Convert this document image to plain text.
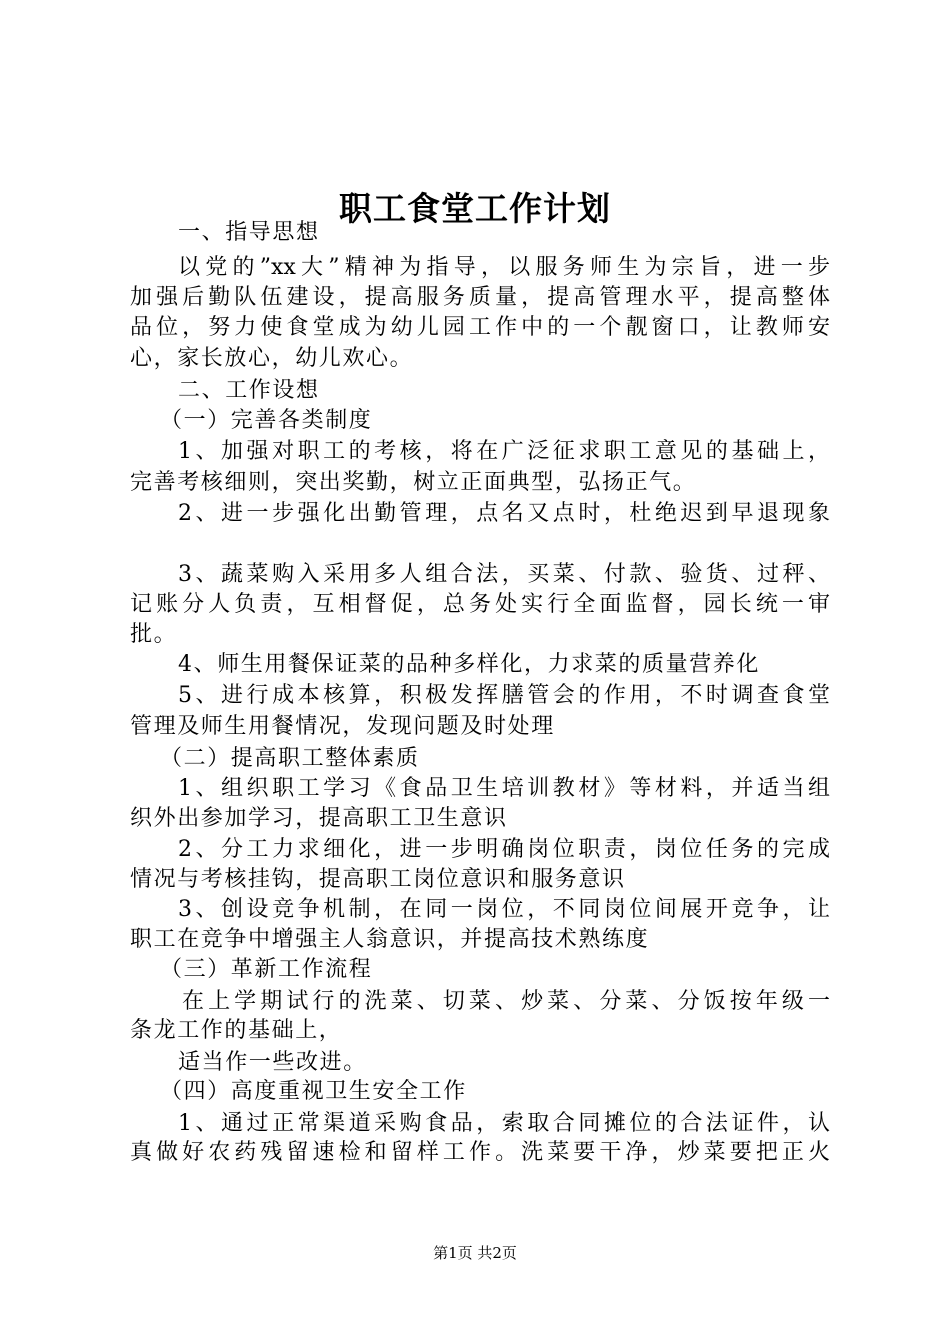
职工食堂工作计划
一、指导思想
以党的”xx大”精神为指导，以服务师生为宗旨，进一步
加强后勤队伍建设，提高服务质量，提高管理水平，提高整体
品位，努力使食堂成为幼儿园工作中的一个靓窗口，让教师安
心，家长放心，幼儿欢心。
二、工作设想
（一）完善各类制度
1、加强对职工的考核，将在广泛征求职工意见的基础上，
完善考核细则，突出奖勤，树立正面典型，弘扬正气。
2、进一步强化出勤管理，点名又点时，杜绝迟到早退现象
3、蔬菜购入采用多人组合法，买菜、付款、验货、过秤、
记账分人负责，互相督促，总务处实行全面监督，园长统一审
批。
4、师生用餐保证菜的品种多样化，力求菜的质量营养化
5、进行成本核算，积极发挥膳管会的作用，不时调查食堂
管理及师生用餐情况，发现问题及时处理
（二）提高职工整体素质
1、组织职工学习《食品卫生培训教材》等材料，并适当组
织外出参加学习，提高职工卫生意识
2、分工力求细化，进一步明确岗位职责，岗位任务的完成
情况与考核挂钩，提高职工岗位意识和服务意识
3、创设竞争机制，在同一岗位，不同岗位间展开竞争，让
职工在竞争中增强主人翁意识，并提高技术熟练度
（三）革新工作流程
在上学期试行的洗菜、切菜、炒菜、分菜、分饭按年级一
条龙工作的基础上，
适当作一些改进。
（四）高度重视卫生安全工作
1、通过正常渠道采购食品，索取合同摊位的合法证件，认
真做好农药残留速检和留样工作。洗菜要干净，炒菜要把正火
第1页 共2页
